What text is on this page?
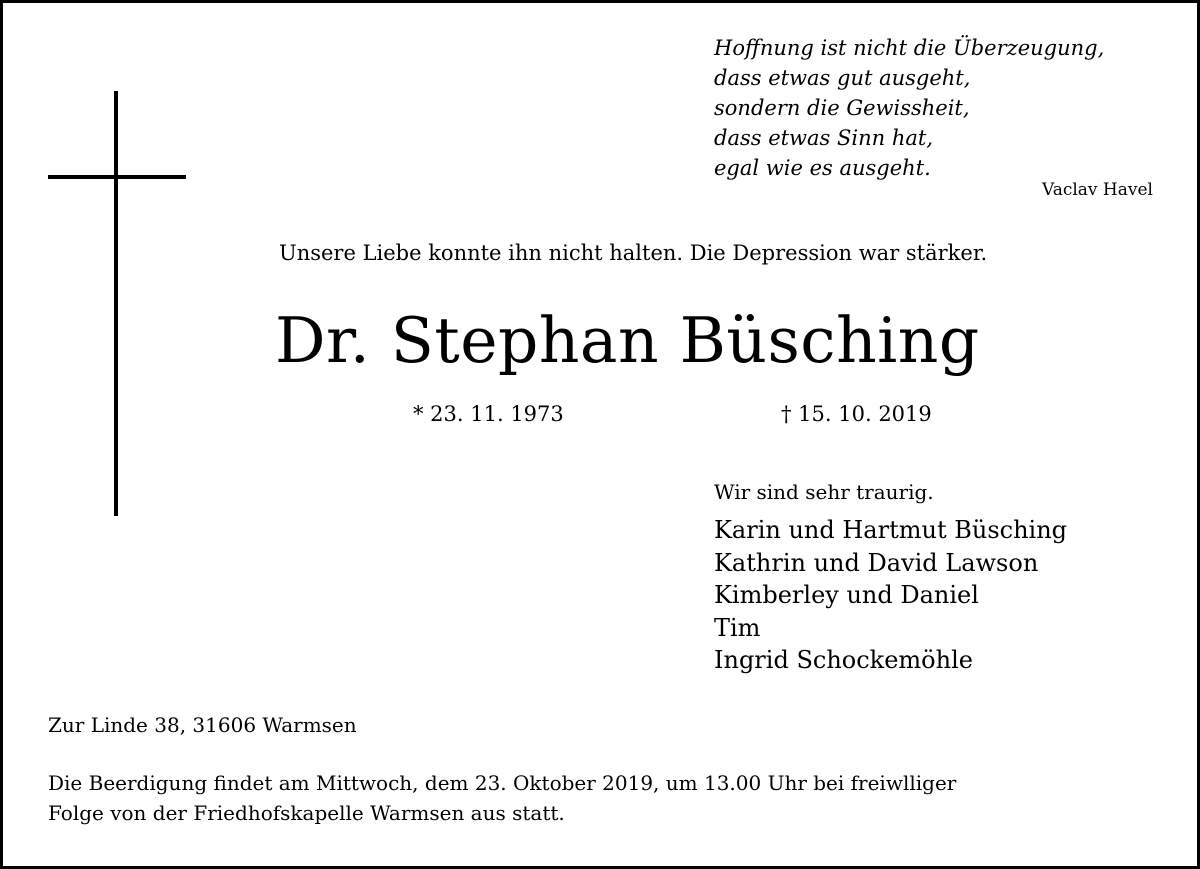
Hoffnung ist nicht die Überzeugung,
dass etwas gut ausgeht,
sondern die Gewissheit,
dass etwas Sinn hat,
egal wie es ausgeht.
Vaclav Havel
Unsere Liebe konnte ihn nicht halten. Die Depression war stärker.
Dr. Stephan Büsching
* 23. 11. 1973	† 15. 10. 2019
Wir sind sehr traurig.
Karin und Hartmut Büsching
Kathrin und David Lawson
Kimberley und Daniel
Tim
Ingrid Schockemöhle
Zur Linde 38, 31606 Warmsen
Die Beerdigung findet am Mittwoch, dem 23. Oktober 2019, um 13.00 Uhr bei freiwlliger
Folge von der Friedhofskapelle Warmsen aus statt.
